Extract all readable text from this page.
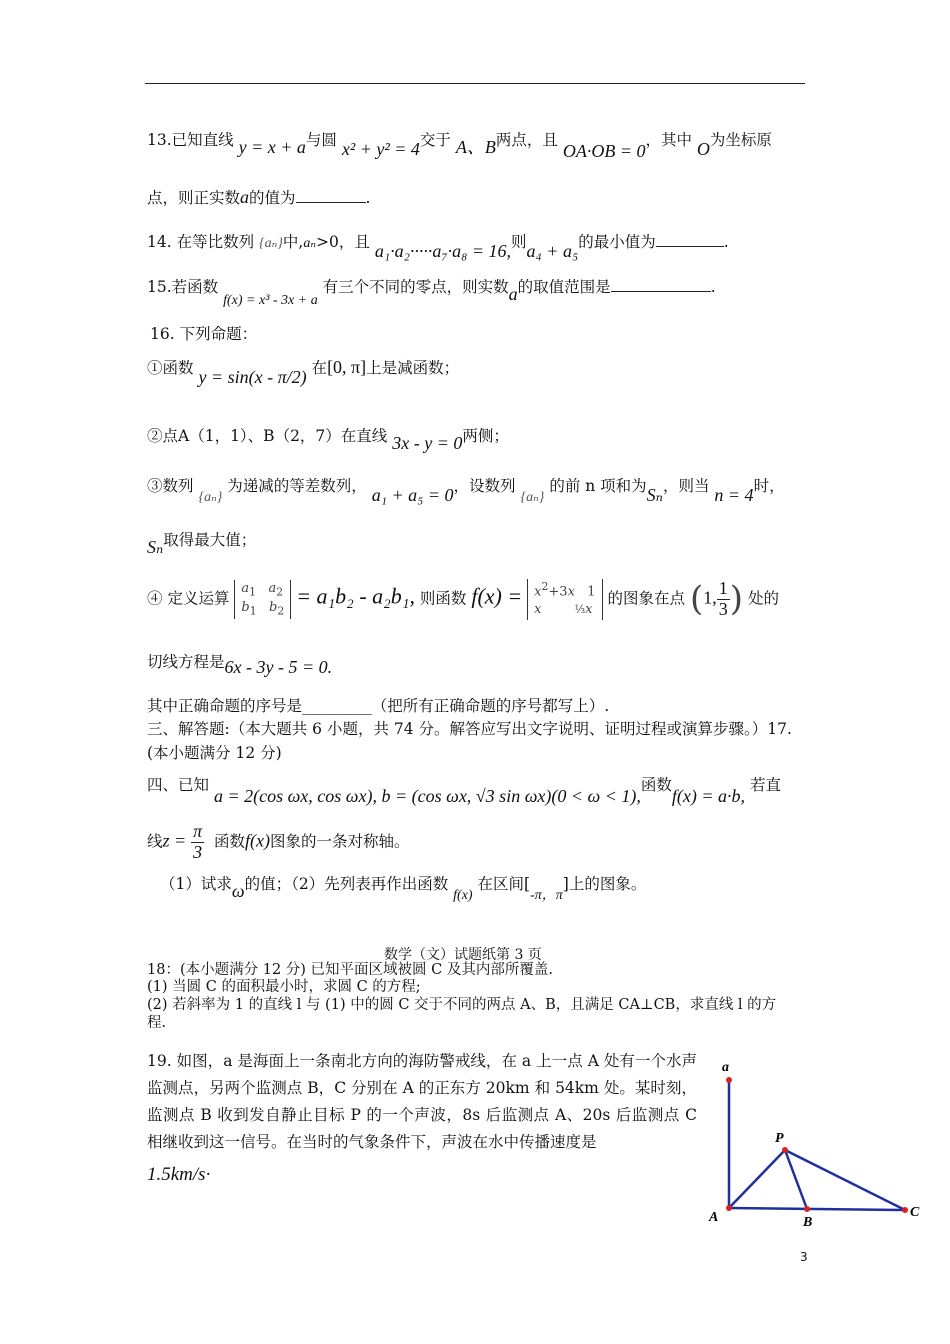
13.已知直线 y = x + a与圆 x² + y² = 4交于 A、B两点，且 OA·OB = 0，其中 O为坐标原
点，则正实数a的值为	.
14. 在等比数列 {aₙ}中,aₙ>0，且 a₁·a₂·····a₇·a₈ = 16,则a₄ + a₅的最小值为	.
15.若函数 f(x) = x³ - 3x + a 有三个不同的零点，则实数a的取值范围是	.
16. 下列命题：
①函数 y = sin(x - π/2) 在[0, π]上是减函数；
②点A（1，1）、B（2，7）在直线 3x - y = 0两侧；
③数列 {aₙ} 为递减的等差数列， a₁ + a₅ = 0，设数列 {aₙ} 的前 n 项和为Sₙ，则当 n = 4时，
Sₙ取得最大值；
④ 定义运算 $a_1$ $a_2$
$b_1$ $b_2 = a_1b_2 - a_2b_1$, 则函数 $f(x) = x^2+3x$   1
x	⅓x 的图象在点 (1, $\frac{1}{3}$ ) 处的
切线方程是6x - 3y - 5 = 0.
其中正确命题的序号是_________（把所有正确命题的序号都写上）.
三、解答题:（本大题共 6 小题，共 74 分。解答应写出文字说明、证明过程或演算步骤。）17.
(本小题满分 12 分)
四、已知 a = 2(cos ωx, cos ωx), b = (cos ωx, √3 sin ωx)(0 < ω < 1),函数f(x) = a·b, 若直
线$z = \frac{\pi}{3}$ 函数f(x)图象的一条对称轴。
（1）试求ω的值；（2）先列表再作出函数 f(x) 在区间[-π，π]上的图象。
数学（文）试题纸第 3 页
18：(本小题满分 12 分) 已知平面区域被圆 C 及其内部所覆盖.
(1) 当圆 C 的面积最小时，求圆 C 的方程;
(2) 若斜率为 1 的直线 l 与 (1) 中的圆 C 交于不同的两点 A、B，且满足 CA⊥CB，求直线 l 的方
程.
19. 如图，a 是海面上一条南北方向的海防警戒线，在 a 上一点 A 处有一个水声监测点，另两个监测点 B，C 分别在 A 的正东方 20km 和 54km 处。某时刻，监测点 B 收到发自静止目标 P 的一个声波，8s 后监测点 A、20s 后监测点 C 相继收到这一信号。在当时的气象条件下，声波在水中传播速度是
1.5km/s·
a
P
A	B
C
3
